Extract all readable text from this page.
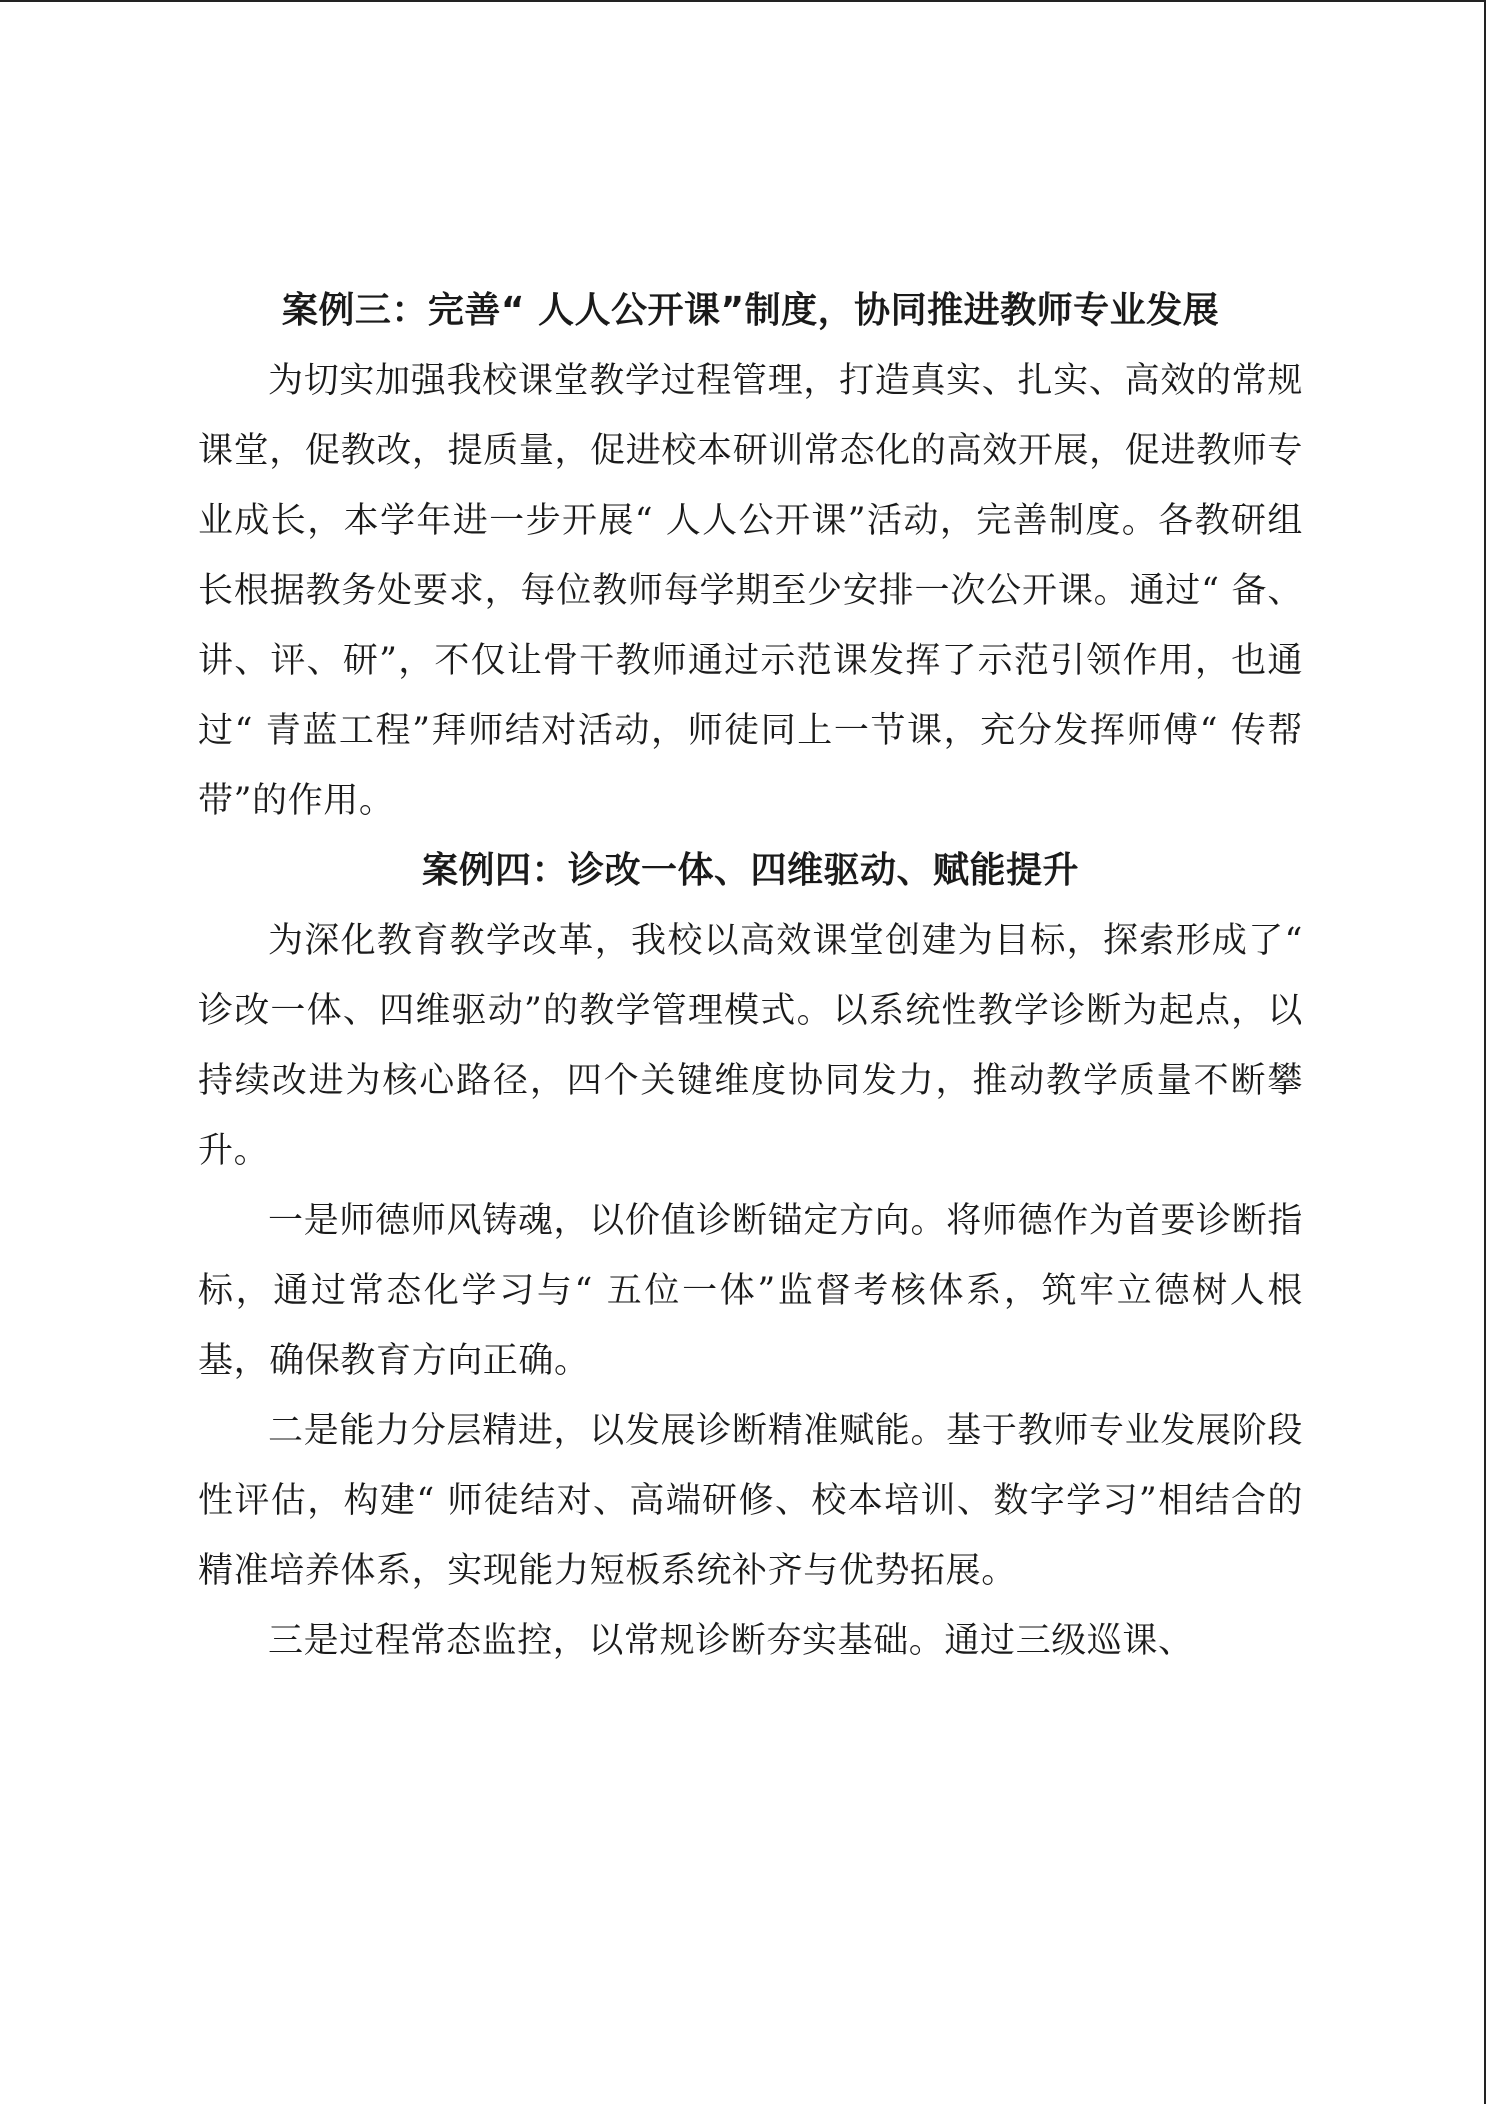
案例三：完善“ 人人公开课”制度，协同推进教师专业发展

为切实加强我校课堂教学过程管理，打造真实、扎实、高效的常规课堂，促教改，提质量，促进校本研训常态化的高效开展，促进教师专业成长，本学年进一步开展“ 人人公开课”活动，完善制度。各教研组长根据教务处要求，每位教师每学期至少安排一次公开课。通过“ 备、讲、评、研”，不仅让骨干教师通过示范课发挥了示范引领作用，也通过“ 青蓝工程”拜师结对活动，师徒同上一节课，充分发挥师傅“ 传帮带”的作用。

案例四：诊改一体、四维驱动、赋能提升

为深化教育教学改革，我校以高效课堂创建为目标，探索形成了“ 诊改一体、四维驱动”的教学管理模式。以系统性教学诊断为起点，以持续改进为核心路径，四个关键维度协同发力，推动教学质量不断攀升。

一是师德师风铸魂，以价值诊断锚定方向。将师德作为首要诊断指标，通过常态化学习与“ 五位一体”监督考核体系，筑牢立德树人根基，确保教育方向正确。

二是能力分层精进，以发展诊断精准赋能。基于教师专业发展阶段性评估，构建“ 师徒结对、高端研修、校本培训、数字学习”相结合的精准培养体系，实现能力短板系统补齐与优势拓展。

三是过程常态监控，以常规诊断夯实基础。通过三级巡课、
